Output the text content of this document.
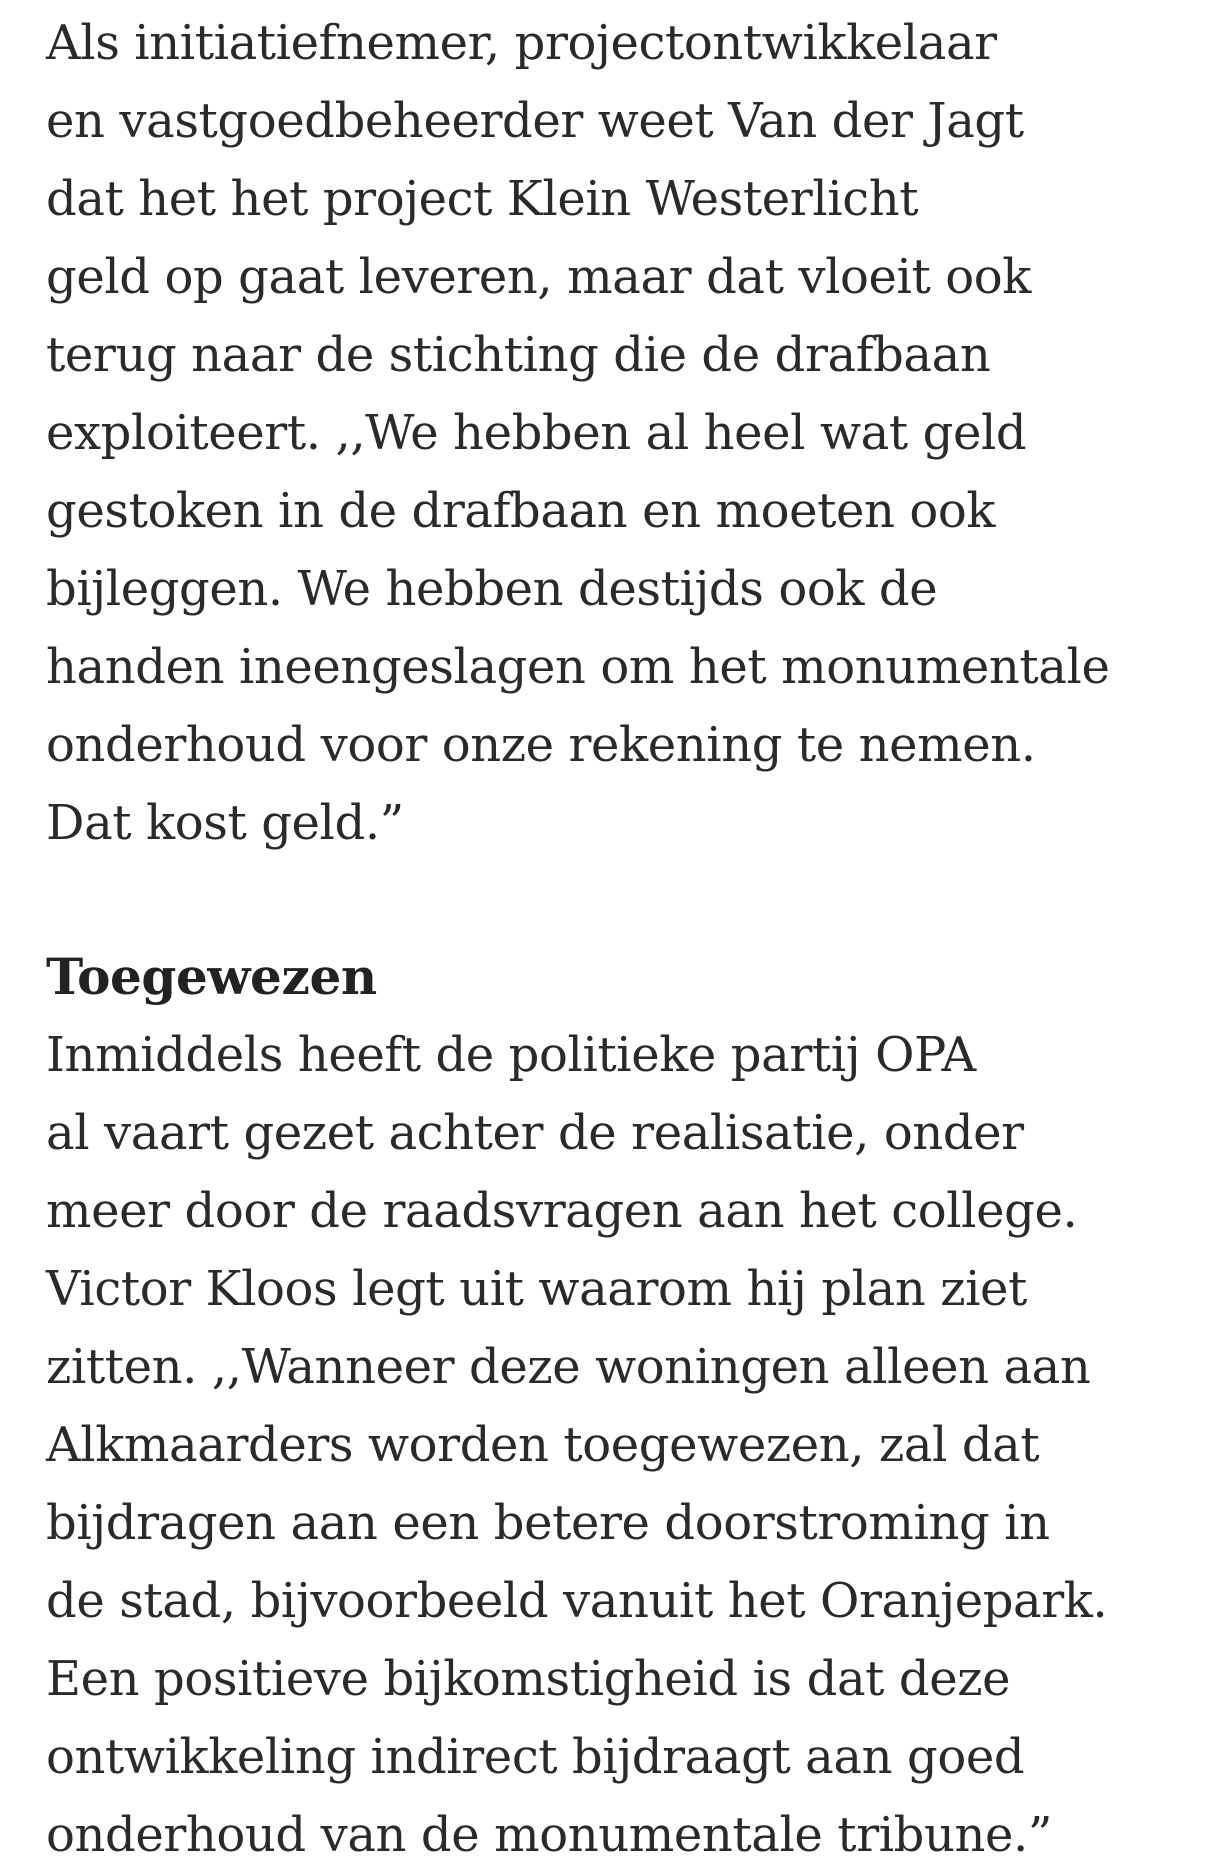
Als initiatiefnemer, projectontwikkelaar
en vastgoedbeheerder weet Van der Jagt
dat het het project Klein Westerlicht
geld op gaat leveren, maar dat vloeit ook
terug naar de stichting die de drafbaan
exploiteert. ,,We hebben al heel wat geld
gestoken in de drafbaan en moeten ook
bijleggen. We hebben destijds ook de
handen ineengeslagen om het monumentale
onderhoud voor onze rekening te nemen.
Dat kost geld.”

Toegewezen

Inmiddels heeft de politieke partij OPA
al vaart gezet achter de realisatie, onder
meer door de raadsvragen aan het college.
Victor Kloos legt uit waarom hij plan ziet
zitten. ,,Wanneer deze woningen alleen aan
Alkmaarders worden toegewezen, zal dat
bijdragen aan een betere doorstroming in
de stad, bijvoorbeeld vanuit het Oranjepark.
Een positieve bijkomstigheid is dat deze
ontwikkeling indirect bijdraagt aan goed
onderhoud van de monumentale tribune.”
